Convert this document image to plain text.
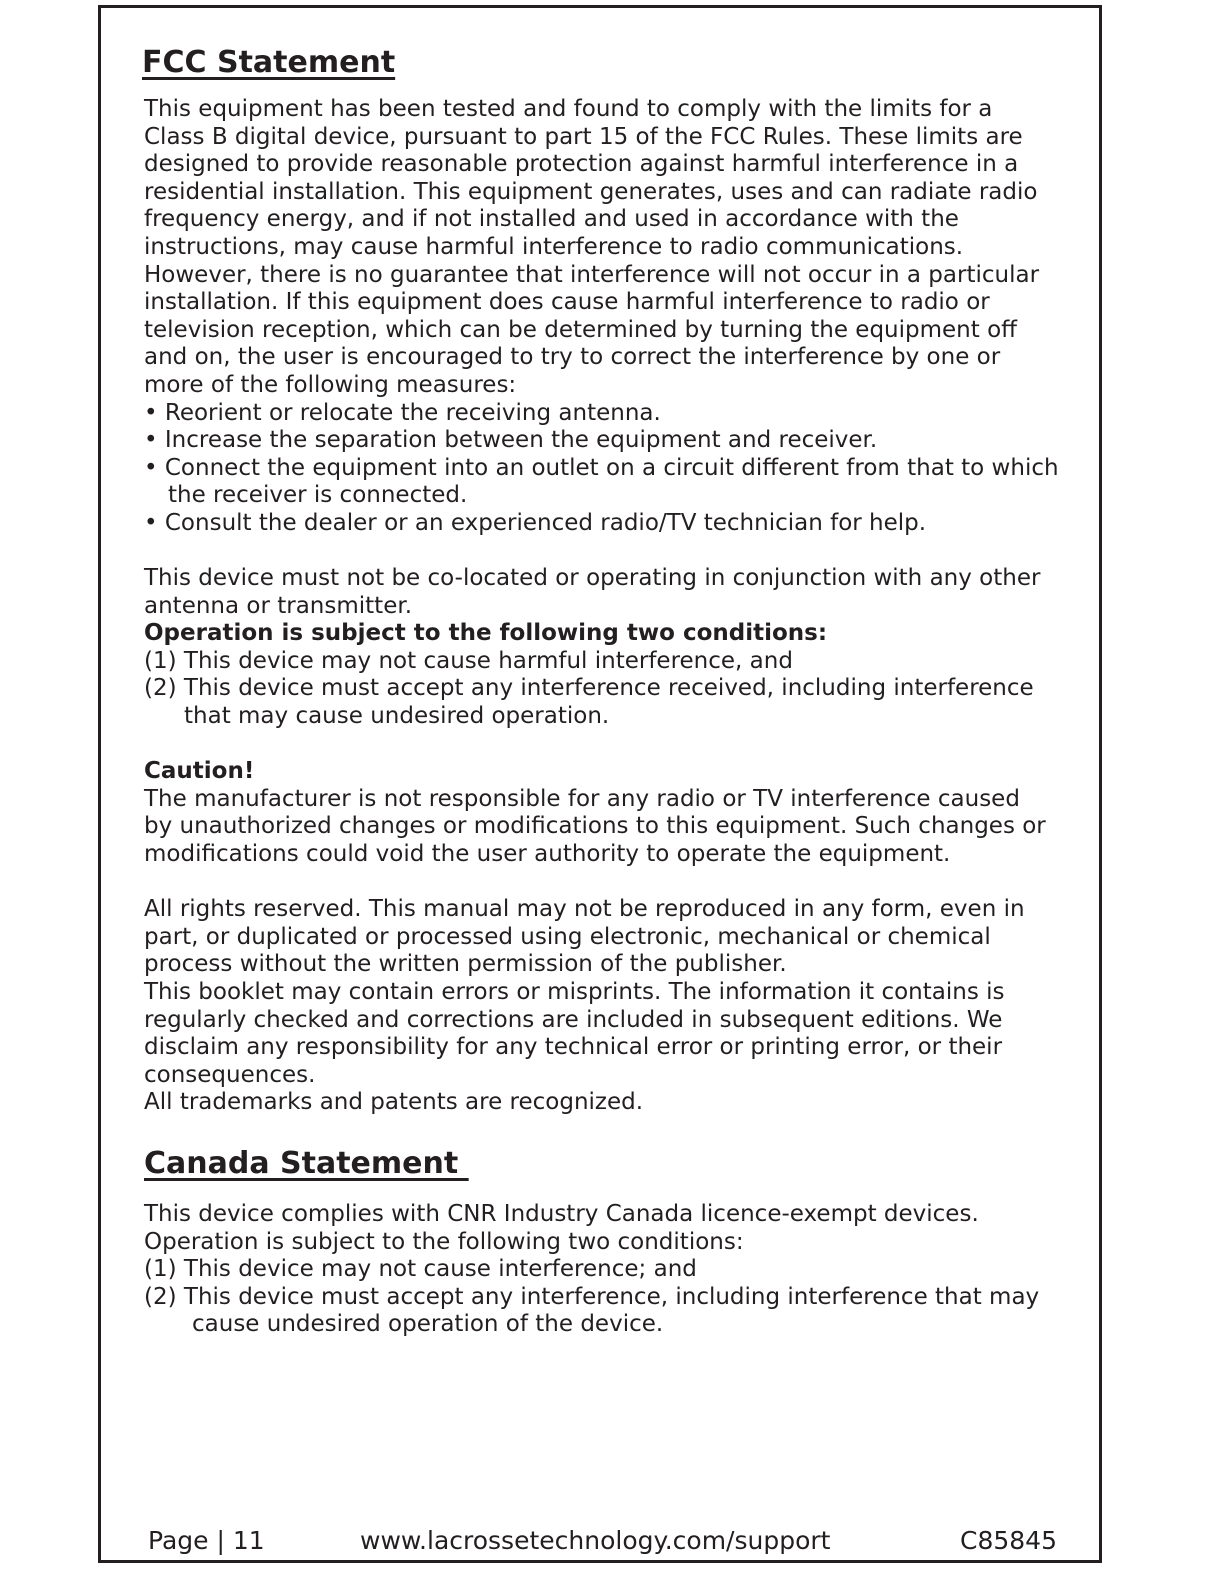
FCC Statement

This equipment has been tested and found to comply with the limits for a

Class B digital device, pursuant to part 15 of the FCC Rules. These limits are

designed to provide reasonable protection against harmful interference in a

residential installation. This equipment generates, uses and can radiate radio

frequency energy, and if not installed and used in accordance with the

instructions, may cause harmful interference to radio communications.

However, there is no guarantee that interference will not occur in a particular

installation. If this equipment does cause harmful interference to radio or

television reception, which can be determined by turning the equipment off

and on, the user is encouraged to try to correct the interference by one or

more of the following measures:

• Reorient or relocate the receiving antenna.

• Increase the separation between the equipment and receiver.

• Connect the equipment into an outlet on a circuit different from that to which

the receiver is connected.

• Consult the dealer or an experienced radio/TV technician for help.

This device must not be co-located or operating in conjunction with any other

antenna or transmitter.

Operation is subject to the following two conditions:

(1) This device may not cause harmful interference, and

(2) This device must accept any interference received, including interference

that may cause undesired operation.

Caution!

The manufacturer is not responsible for any radio or TV interference caused

by unauthorized changes or modifications to this equipment. Such changes or

modifications could void the user authority to operate the equipment.

All rights reserved. This manual may not be reproduced in any form, even in

part, or duplicated or processed using electronic, mechanical or chemical

process without the written permission of the publisher.

This booklet may contain errors or misprints. The information it contains is

regularly checked and corrections are included in subsequent editions. We

disclaim any responsibility for any technical error or printing error, or their

consequences.

All trademarks and patents are recognized.

Canada Statement

This device complies with CNR Industry Canada licence-exempt devices.

Operation is subject to the following two conditions:

(1) This device may not cause interference; and

(2) This device must accept any interference, including interference that may

cause undesired operation of the device.

Page | 11	www.lacrossetechnology.com/support	C85845
